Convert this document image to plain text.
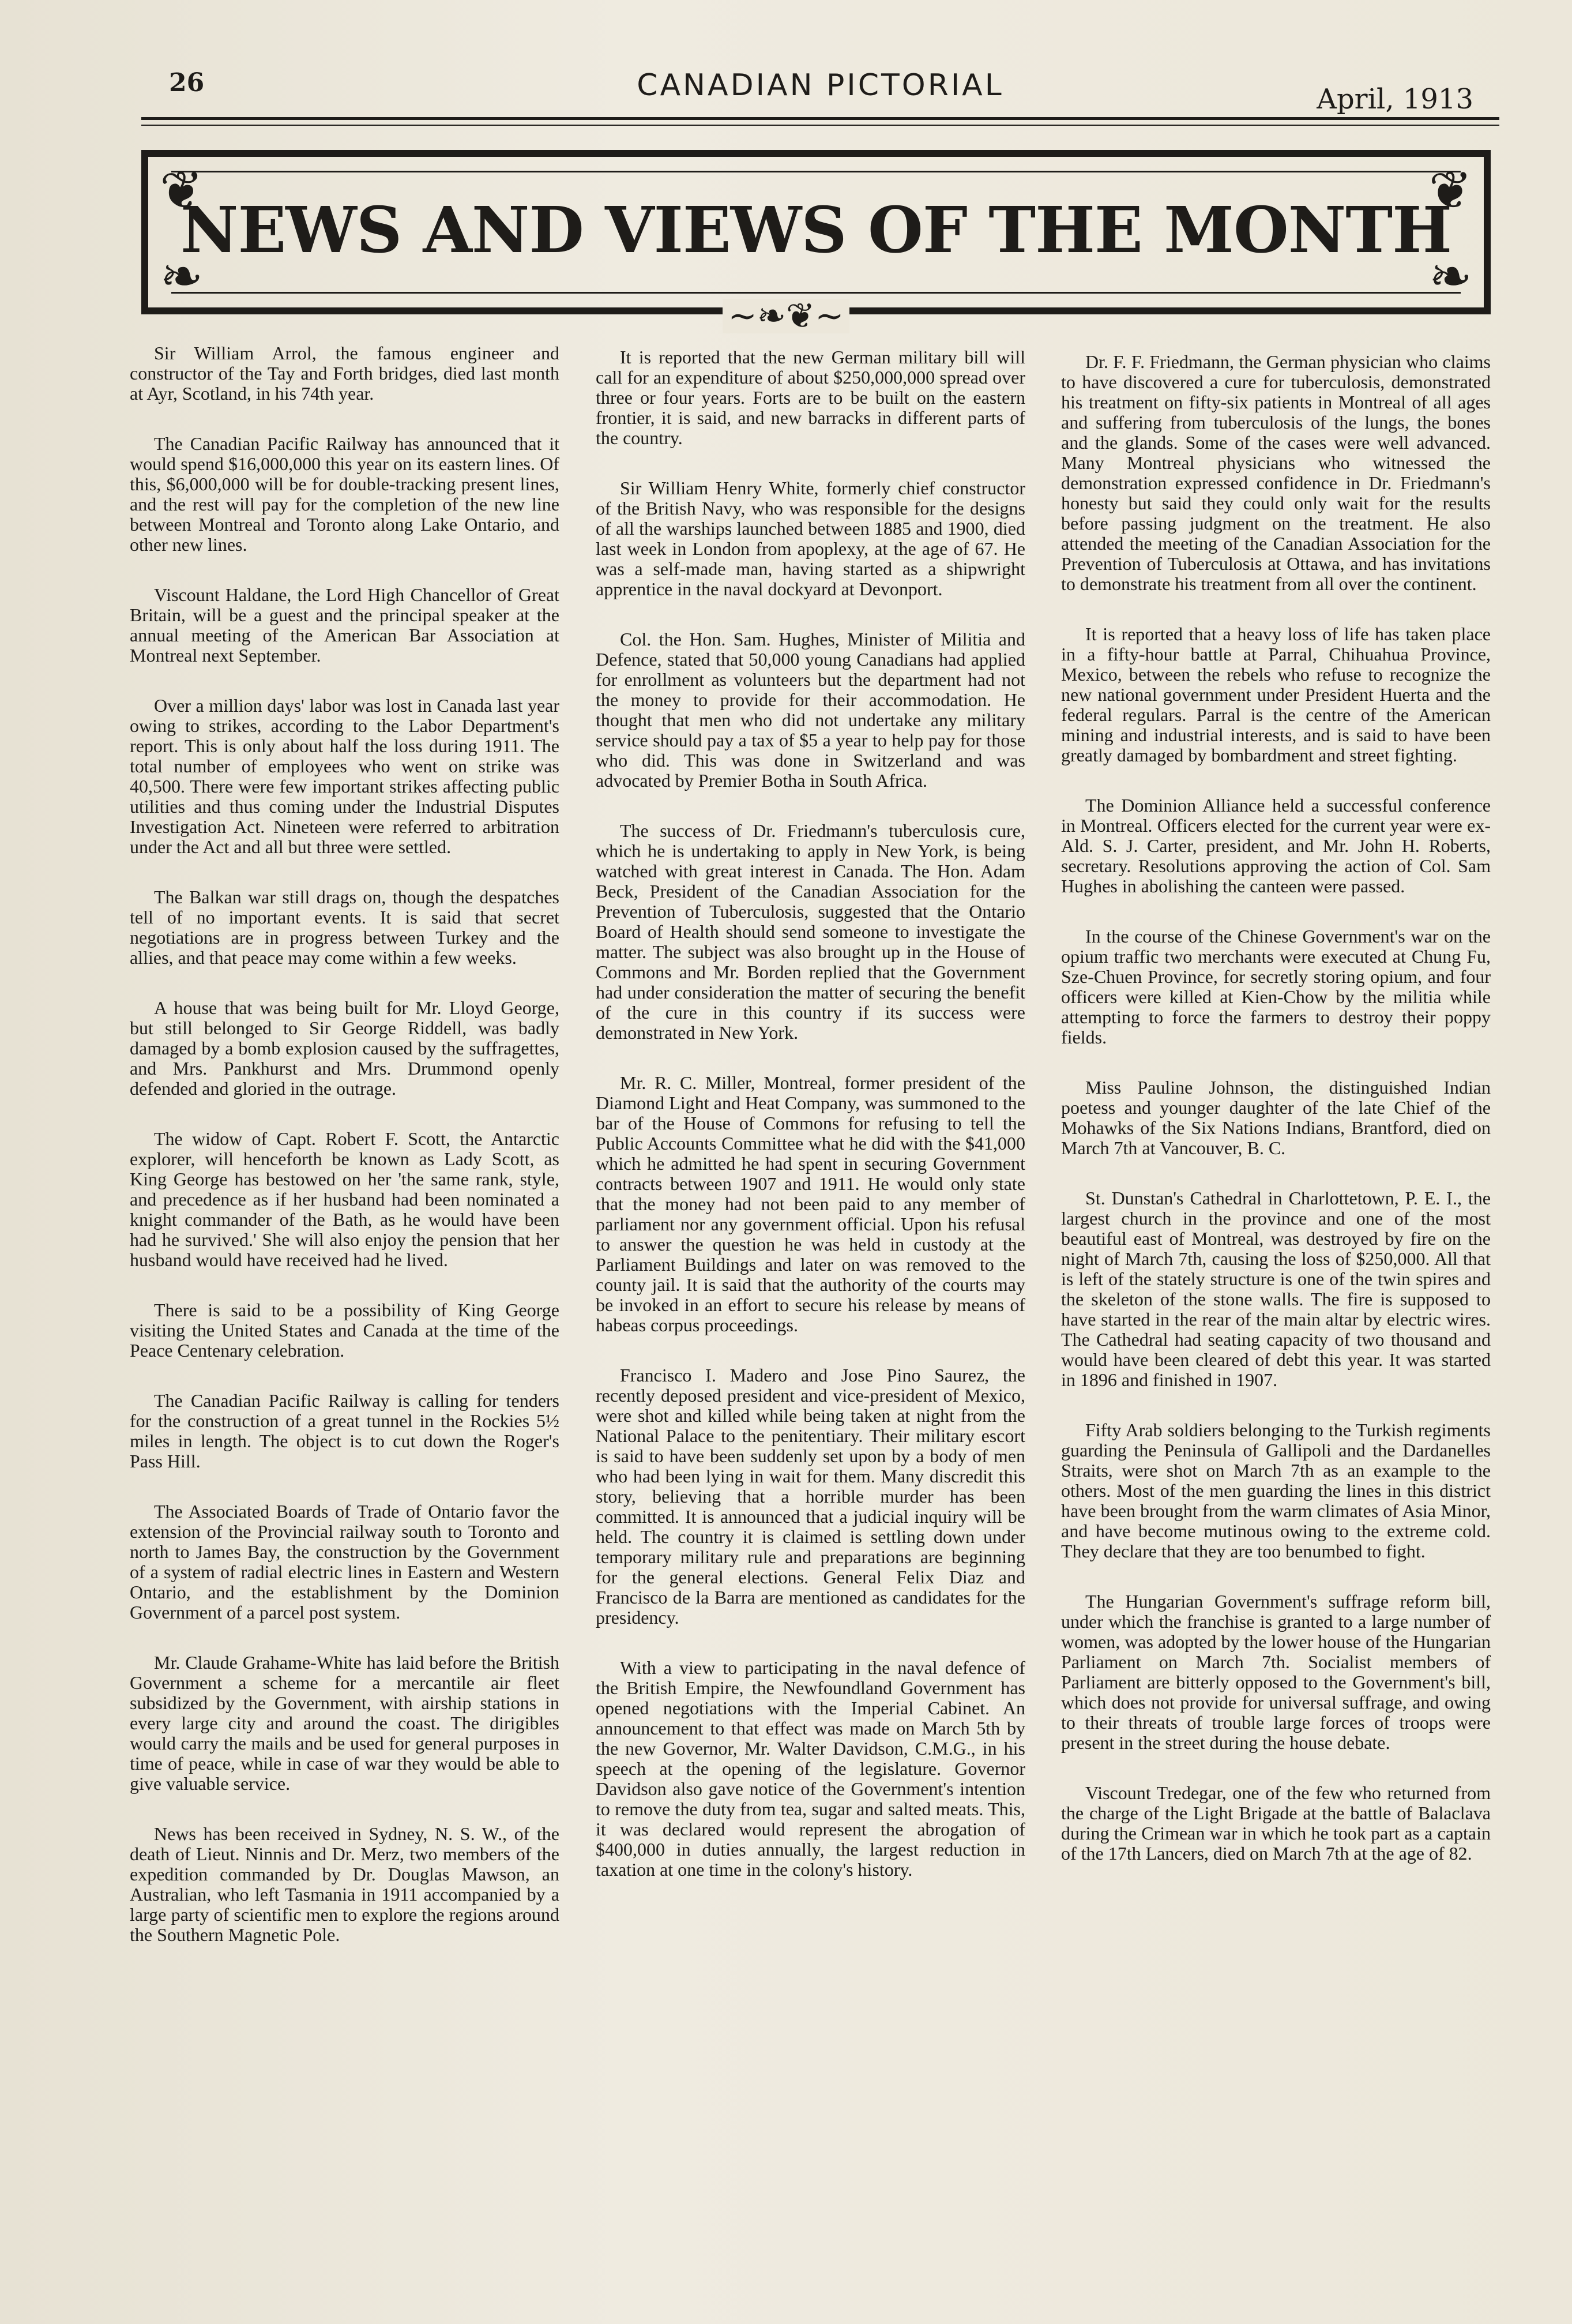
26	CANADIAN PICTORIAL	April, 1913
❦
❧
❦
❧
NEWS AND VIEWS OF THE MONTH
~❧❦~

Sir William Arrol, the famous engineer and constructor of the Tay and Forth bridges, died last month at Ayr, Scotland, in his 74th year.

The Canadian Pacific Railway has announced that it would spend $16,000,000 this year on its eastern lines. Of this, $6,000,000 will be for double-tracking present lines, and the rest will pay for the completion of the new line between Montreal and Toronto along Lake Ontario, and other new lines.

Viscount Haldane, the Lord High Chancellor of Great Britain, will be a guest and the principal speaker at the annual meeting of the American Bar Association at Montreal next September.

Over a million days' labor was lost in Canada last year owing to strikes, according to the Labor Department's report. This is only about half the loss during 1911. The total number of employees who went on strike was 40,500. There were few important strikes affecting public utilities and thus coming under the Industrial Disputes Investigation Act. Nineteen were referred to arbitration under the Act and all but three were settled.

The Balkan war still drags on, though the despatches tell of no important events. It is said that secret negotiations are in progress between Turkey and the allies, and that peace may come within a few weeks.

A house that was being built for Mr. Lloyd George, but still belonged to Sir George Riddell, was badly damaged by a bomb explosion caused by the suffragettes, and Mrs. Pankhurst and Mrs. Drummond openly defended and gloried in the outrage.

The widow of Capt. Robert F. Scott, the Antarctic explorer, will henceforth be known as Lady Scott, as King George has bestowed on her 'the same rank, style, and precedence as if her husband had been nominated a knight commander of the Bath, as he would have been had he survived.' She will also enjoy the pension that her husband would have received had he lived.

There is said to be a possibility of King George visiting the United States and Canada at the time of the Peace Centenary celebration.

The Canadian Pacific Railway is calling for tenders for the construction of a great tunnel in the Rockies 5½ miles in length. The object is to cut down the Roger's Pass Hill.

The Associated Boards of Trade of Ontario favor the extension of the Provincial railway south to Toronto and north to James Bay, the construction by the Government of a system of radial electric lines in Eastern and Western Ontario, and the establishment by the Dominion Government of a parcel post system.

Mr. Claude Grahame-White has laid before the British Government a scheme for a mercantile air fleet subsidized by the Government, with airship stations in every large city and around the coast. The dirigibles would carry the mails and be used for general purposes in time of peace, while in case of war they would be able to give valuable service.

News has been received in Sydney, N. S. W., of the death of Lieut. Ninnis and Dr. Merz, two members of the expedition commanded by Dr. Douglas Mawson, an Australian, who left Tasmania in 1911 accompanied by a large party of scientific men to explore the regions around the Southern Magnetic Pole.

It is reported that the new German military bill will call for an expenditure of about $250,000,000 spread over three or four years. Forts are to be built on the eastern frontier, it is said, and new barracks in different parts of the country.

Sir William Henry White, formerly chief constructor of the British Navy, who was responsible for the designs of all the warships launched between 1885 and 1900, died last week in London from apoplexy, at the age of 67. He was a self-made man, having started as a shipwright apprentice in the naval dockyard at Devonport.

Col. the Hon. Sam. Hughes, Minister of Militia and Defence, stated that 50,000 young Canadians had applied for enrollment as volunteers but the department had not the money to provide for their accommodation. He thought that men who did not undertake any military service should pay a tax of $5 a year to help pay for those who did. This was done in Switzerland and was advocated by Premier Botha in South Africa.

The success of Dr. Friedmann's tuberculosis cure, which he is undertaking to apply in New York, is being watched with great interest in Canada. The Hon. Adam Beck, President of the Canadian Association for the Prevention of Tuberculosis, suggested that the Ontario Board of Health should send someone to investigate the matter. The subject was also brought up in the House of Commons and Mr. Borden replied that the Government had under consideration the matter of securing the benefit of the cure in this country if its success were demonstrated in New York.

Mr. R. C. Miller, Montreal, former president of the Diamond Light and Heat Company, was summoned to the bar of the House of Commons for refusing to tell the Public Accounts Committee what he did with the $41,000 which he admitted he had spent in securing Government contracts between 1907 and 1911. He would only state that the money had not been paid to any member of parliament nor any government official. Upon his refusal to answer the question he was held in custody at the Parliament Buildings and later on was removed to the county jail. It is said that the authority of the courts may be invoked in an effort to secure his release by means of habeas corpus proceedings.

Francisco I. Madero and Jose Pino Saurez, the recently deposed president and vice-president of Mexico, were shot and killed while being taken at night from the National Palace to the penitentiary. Their military escort is said to have been suddenly set upon by a body of men who had been lying in wait for them. Many discredit this story, believing that a horrible murder has been committed. It is announced that a judicial inquiry will be held. The country it is claimed is settling down under temporary military rule and preparations are beginning for the general elections. General Felix Diaz and Francisco de la Barra are mentioned as candidates for the presidency.

With a view to participating in the naval defence of the British Empire, the Newfoundland Government has opened negotiations with the Imperial Cabinet. An announcement to that effect was made on March 5th by the new Governor, Mr. Walter Davidson, C.M.G., in his speech at the opening of the legislature. Governor Davidson also gave notice of the Government's intention to remove the duty from tea, sugar and salted meats. This, it was declared would represent the abrogation of $400,000 in duties annually, the largest reduction in taxation at one time in the colony's history.

Dr. F. F. Friedmann, the German physician who claims to have discovered a cure for tuberculosis, demonstrated his treatment on fifty-six patients in Montreal of all ages and suffering from tuberculosis of the lungs, the bones and the glands. Some of the cases were well advanced. Many Montreal physicians who witnessed the demonstration expressed confidence in Dr. Friedmann's honesty but said they could only wait for the results before passing judgment on the treatment. He also attended the meeting of the Canadian Association for the Prevention of Tuberculosis at Ottawa, and has invitations to demonstrate his treatment from all over the continent.

It is reported that a heavy loss of life has taken place in a fifty-hour battle at Parral, Chihuahua Province, Mexico, between the rebels who refuse to recognize the new national government under President Huerta and the federal regulars. Parral is the centre of the American mining and industrial interests, and is said to have been greatly damaged by bombardment and street fighting.

The Dominion Alliance held a successful conference in Montreal. Officers elected for the current year were ex-Ald. S. J. Carter, president, and Mr. John H. Roberts, secretary. Resolutions approving the action of Col. Sam Hughes in abolishing the canteen were passed.

In the course of the Chinese Government's war on the opium traffic two merchants were executed at Chung Fu, Sze-Chuen Province, for secretly storing opium, and four officers were killed at Kien-Chow by the militia while attempting to force the farmers to destroy their poppy fields.

Miss Pauline Johnson, the distinguished Indian poetess and younger daughter of the late Chief of the Mohawks of the Six Nations Indians, Brantford, died on March 7th at Vancouver, B. C.

St. Dunstan's Cathedral in Charlottetown, P. E. I., the largest church in the province and one of the most beautiful east of Montreal, was destroyed by fire on the night of March 7th, causing the loss of $250,000. All that is left of the stately structure is one of the twin spires and the skeleton of the stone walls. The fire is supposed to have started in the rear of the main altar by electric wires. The Cathedral had seating capacity of two thousand and would have been cleared of debt this year. It was started in 1896 and finished in 1907.

Fifty Arab soldiers belonging to the Turkish regiments guarding the Peninsula of Gallipoli and the Dardanelles Straits, were shot on March 7th as an example to the others. Most of the men guarding the lines in this district have been brought from the warm climates of Asia Minor, and have become mutinous owing to the extreme cold. They declare that they are too benumbed to fight.

The Hungarian Government's suffrage reform bill, under which the franchise is granted to a large number of women, was adopted by the lower house of the Hungarian Parliament on March 7th. Socialist members of Parliament are bitterly opposed to the Government's bill, which does not provide for universal suffrage, and owing to their threats of trouble large forces of troops were present in the street during the house debate.

Viscount Tredegar, one of the few who returned from the charge of the Light Brigade at the battle of Balaclava during the Crimean war in which he took part as a captain of the 17th Lancers, died on March 7th at the age of 82.
